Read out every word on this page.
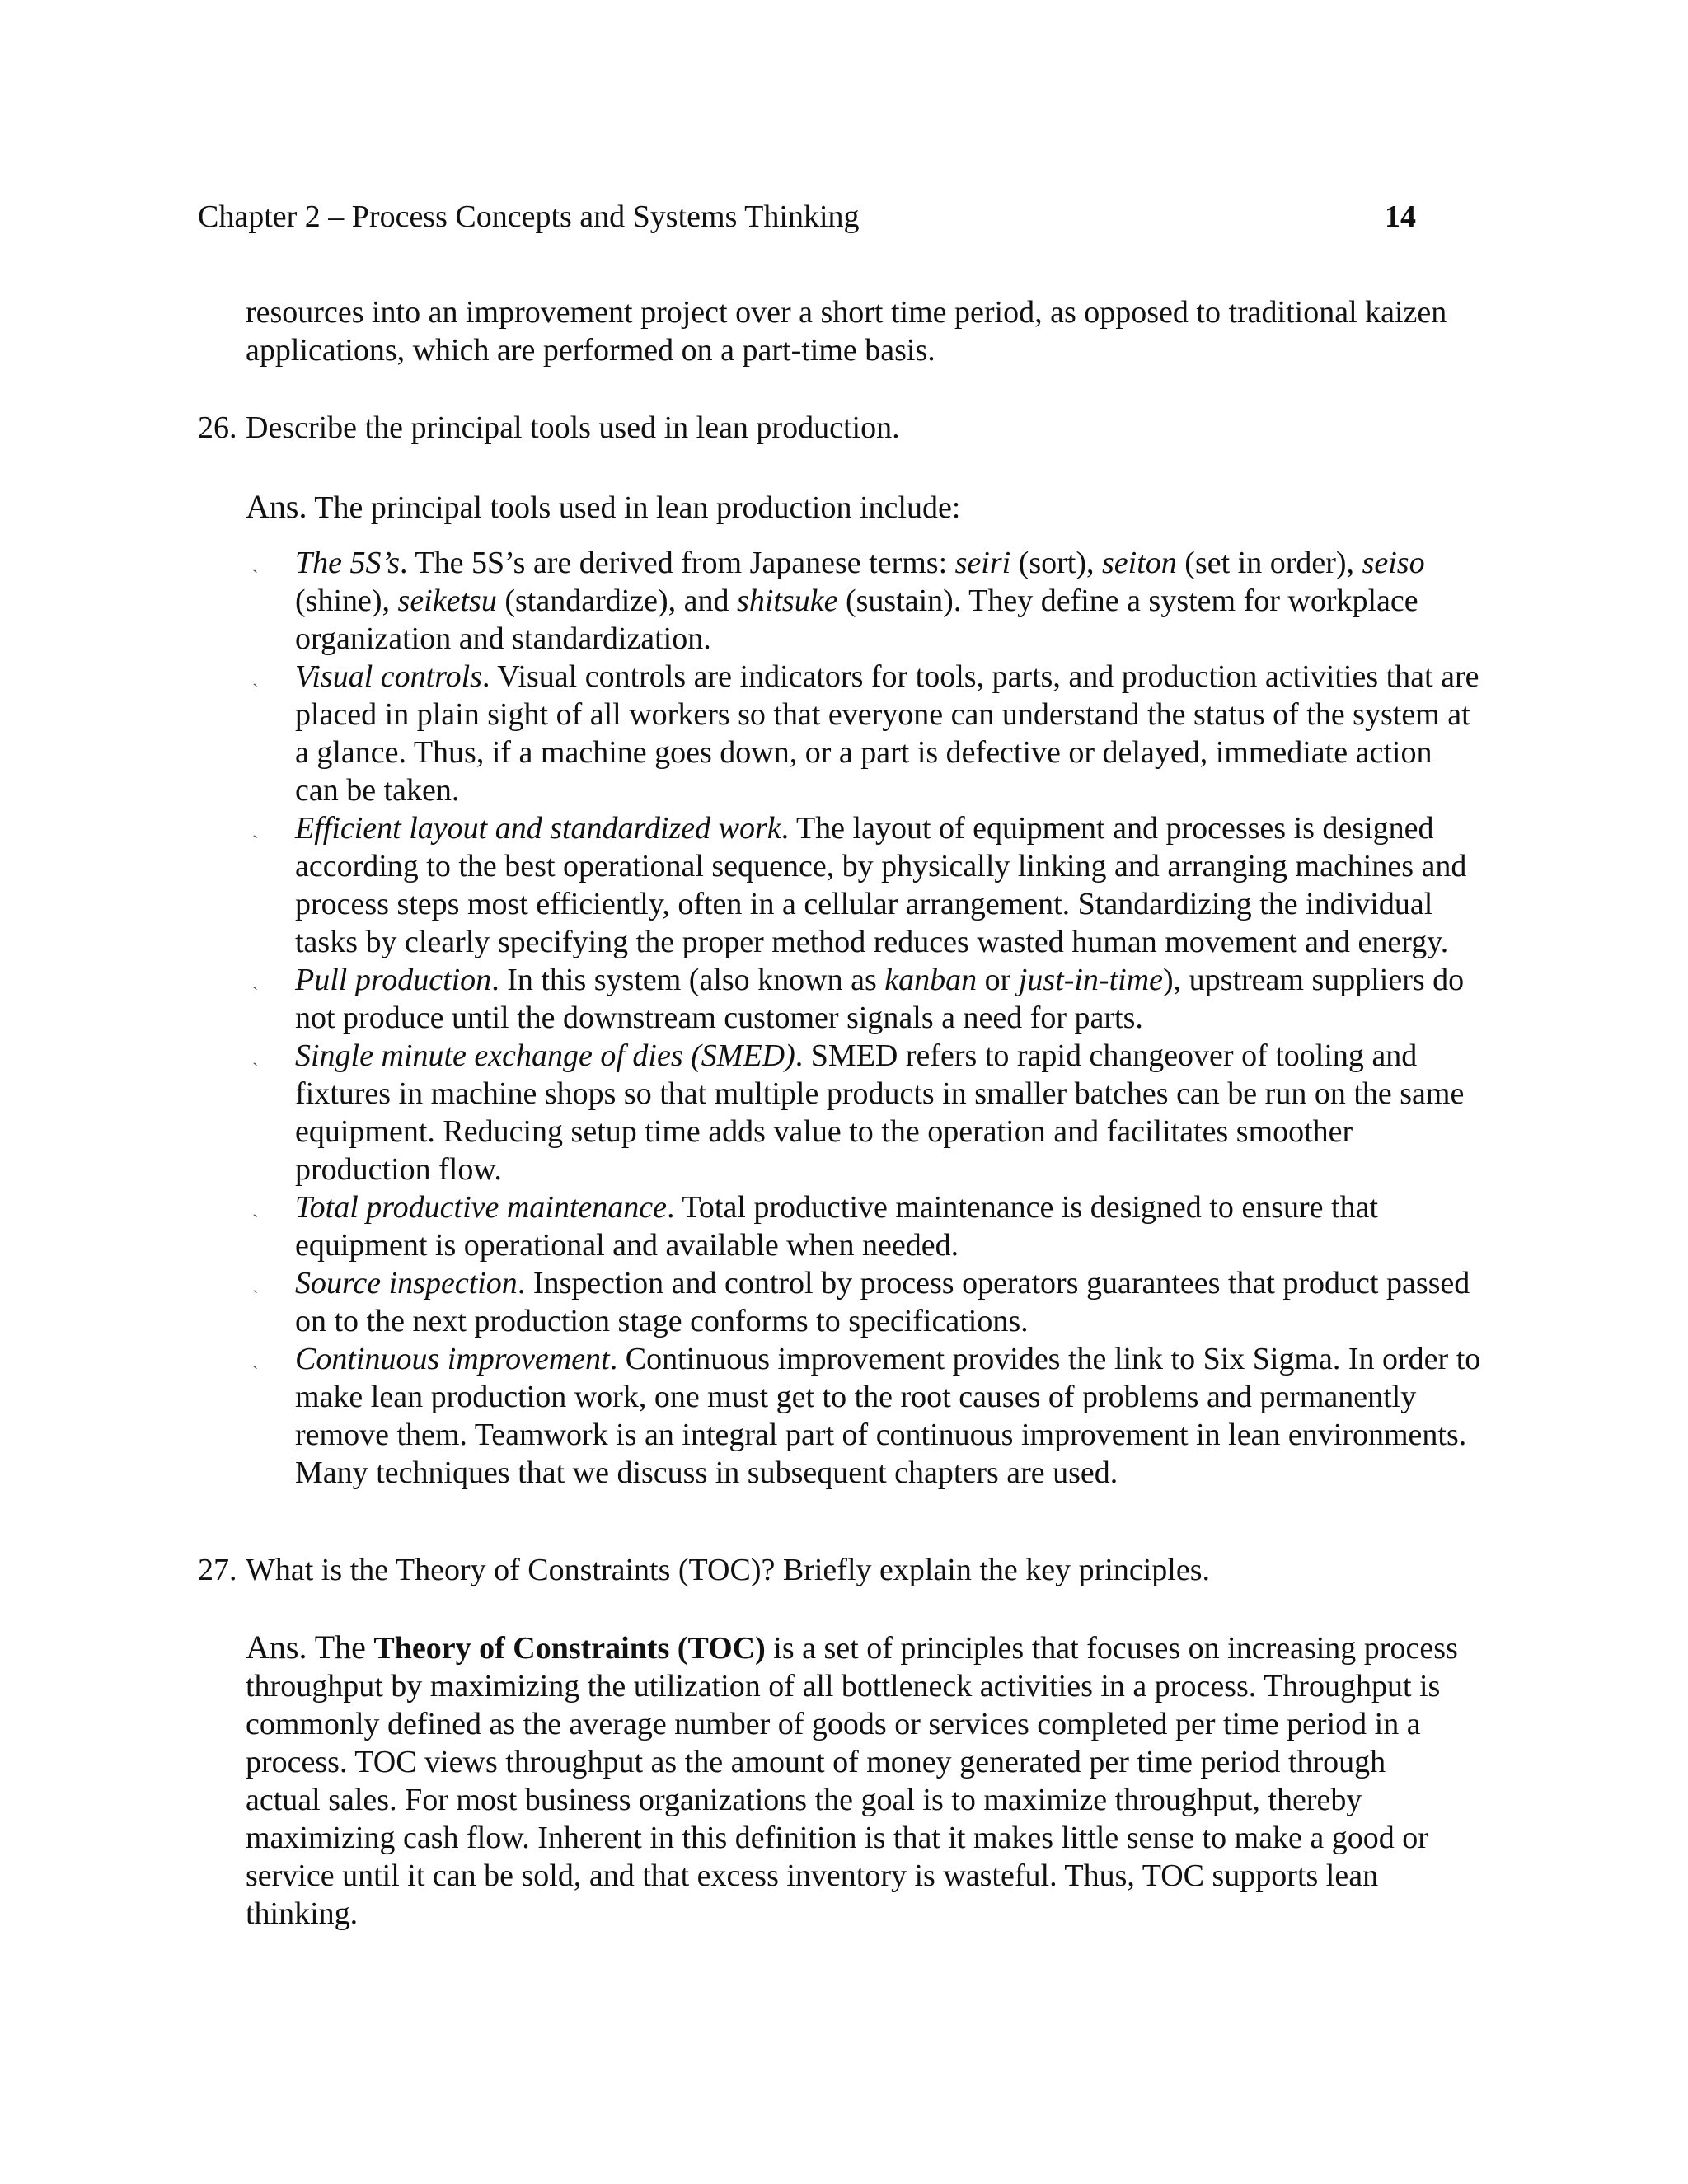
Chapter 2 – Process Concepts and Systems Thinking	14

resources into an improvement project over a short time period, as opposed to traditional kaizen applications, which are performed on a part-time basis.

26. Describe the principal tools used in lean production.
Ans. The principal tools used in lean production include:
ˏ The 5S’s. The 5S’s are derived from Japanese terms: seiri (sort), seiton (set in order), seiso (shine), seiketsu (standardize), and shitsuke (sustain). They define a system for workplace organization and standardization.
ˏ Visual controls. Visual controls are indicators for tools, parts, and production activities that are placed in plain sight of all workers so that everyone can understand the status of the system at a glance. Thus, if a machine goes down, or a part is defective or delayed, immediate action can be taken.
ˏ Efficient layout and standardized work. The layout of equipment and processes is designed according to the best operational sequence, by physically linking and arranging machines and process steps most efficiently, often in a cellular arrangement. Standardizing the individual tasks by clearly specifying the proper method reduces wasted human movement and energy.
ˏ Pull production. In this system (also known as kanban or just-in-time), upstream suppliers do not produce until the downstream customer signals a need for parts.
ˏ Single minute exchange of dies (SMED). SMED refers to rapid changeover of tooling and fixtures in machine shops so that multiple products in smaller batches can be run on the same equipment. Reducing setup time adds value to the operation and facilitates smoother production flow.
ˏ Total productive maintenance. Total productive maintenance is designed to ensure that equipment is operational and available when needed.
ˏ Source inspection. Inspection and control by process operators guarantees that product passed on to the next production stage conforms to specifications.
ˏ Continuous improvement. Continuous improvement provides the link to Six Sigma. In order to make lean production work, one must get to the root causes of problems and permanently remove them. Teamwork is an integral part of continuous improvement in lean environments. Many techniques that we discuss in subsequent chapters are used.
27. What is the Theory of Constraints (TOC)? Briefly explain the key principles.
Ans. The Theory of Constraints (TOC) is a set of principles that focuses on increasing process throughput by maximizing the utilization of all bottleneck activities in a process. Throughput is commonly defined as the average number of goods or services completed per time period in a process. TOC views throughput as the amount of money generated per time period through actual sales. For most business organizations the goal is to maximize throughput, thereby maximizing cash flow. Inherent in this definition is that it makes little sense to make a good or service until it can be sold, and that excess inventory is wasteful. Thus, TOC supports lean thinking.
